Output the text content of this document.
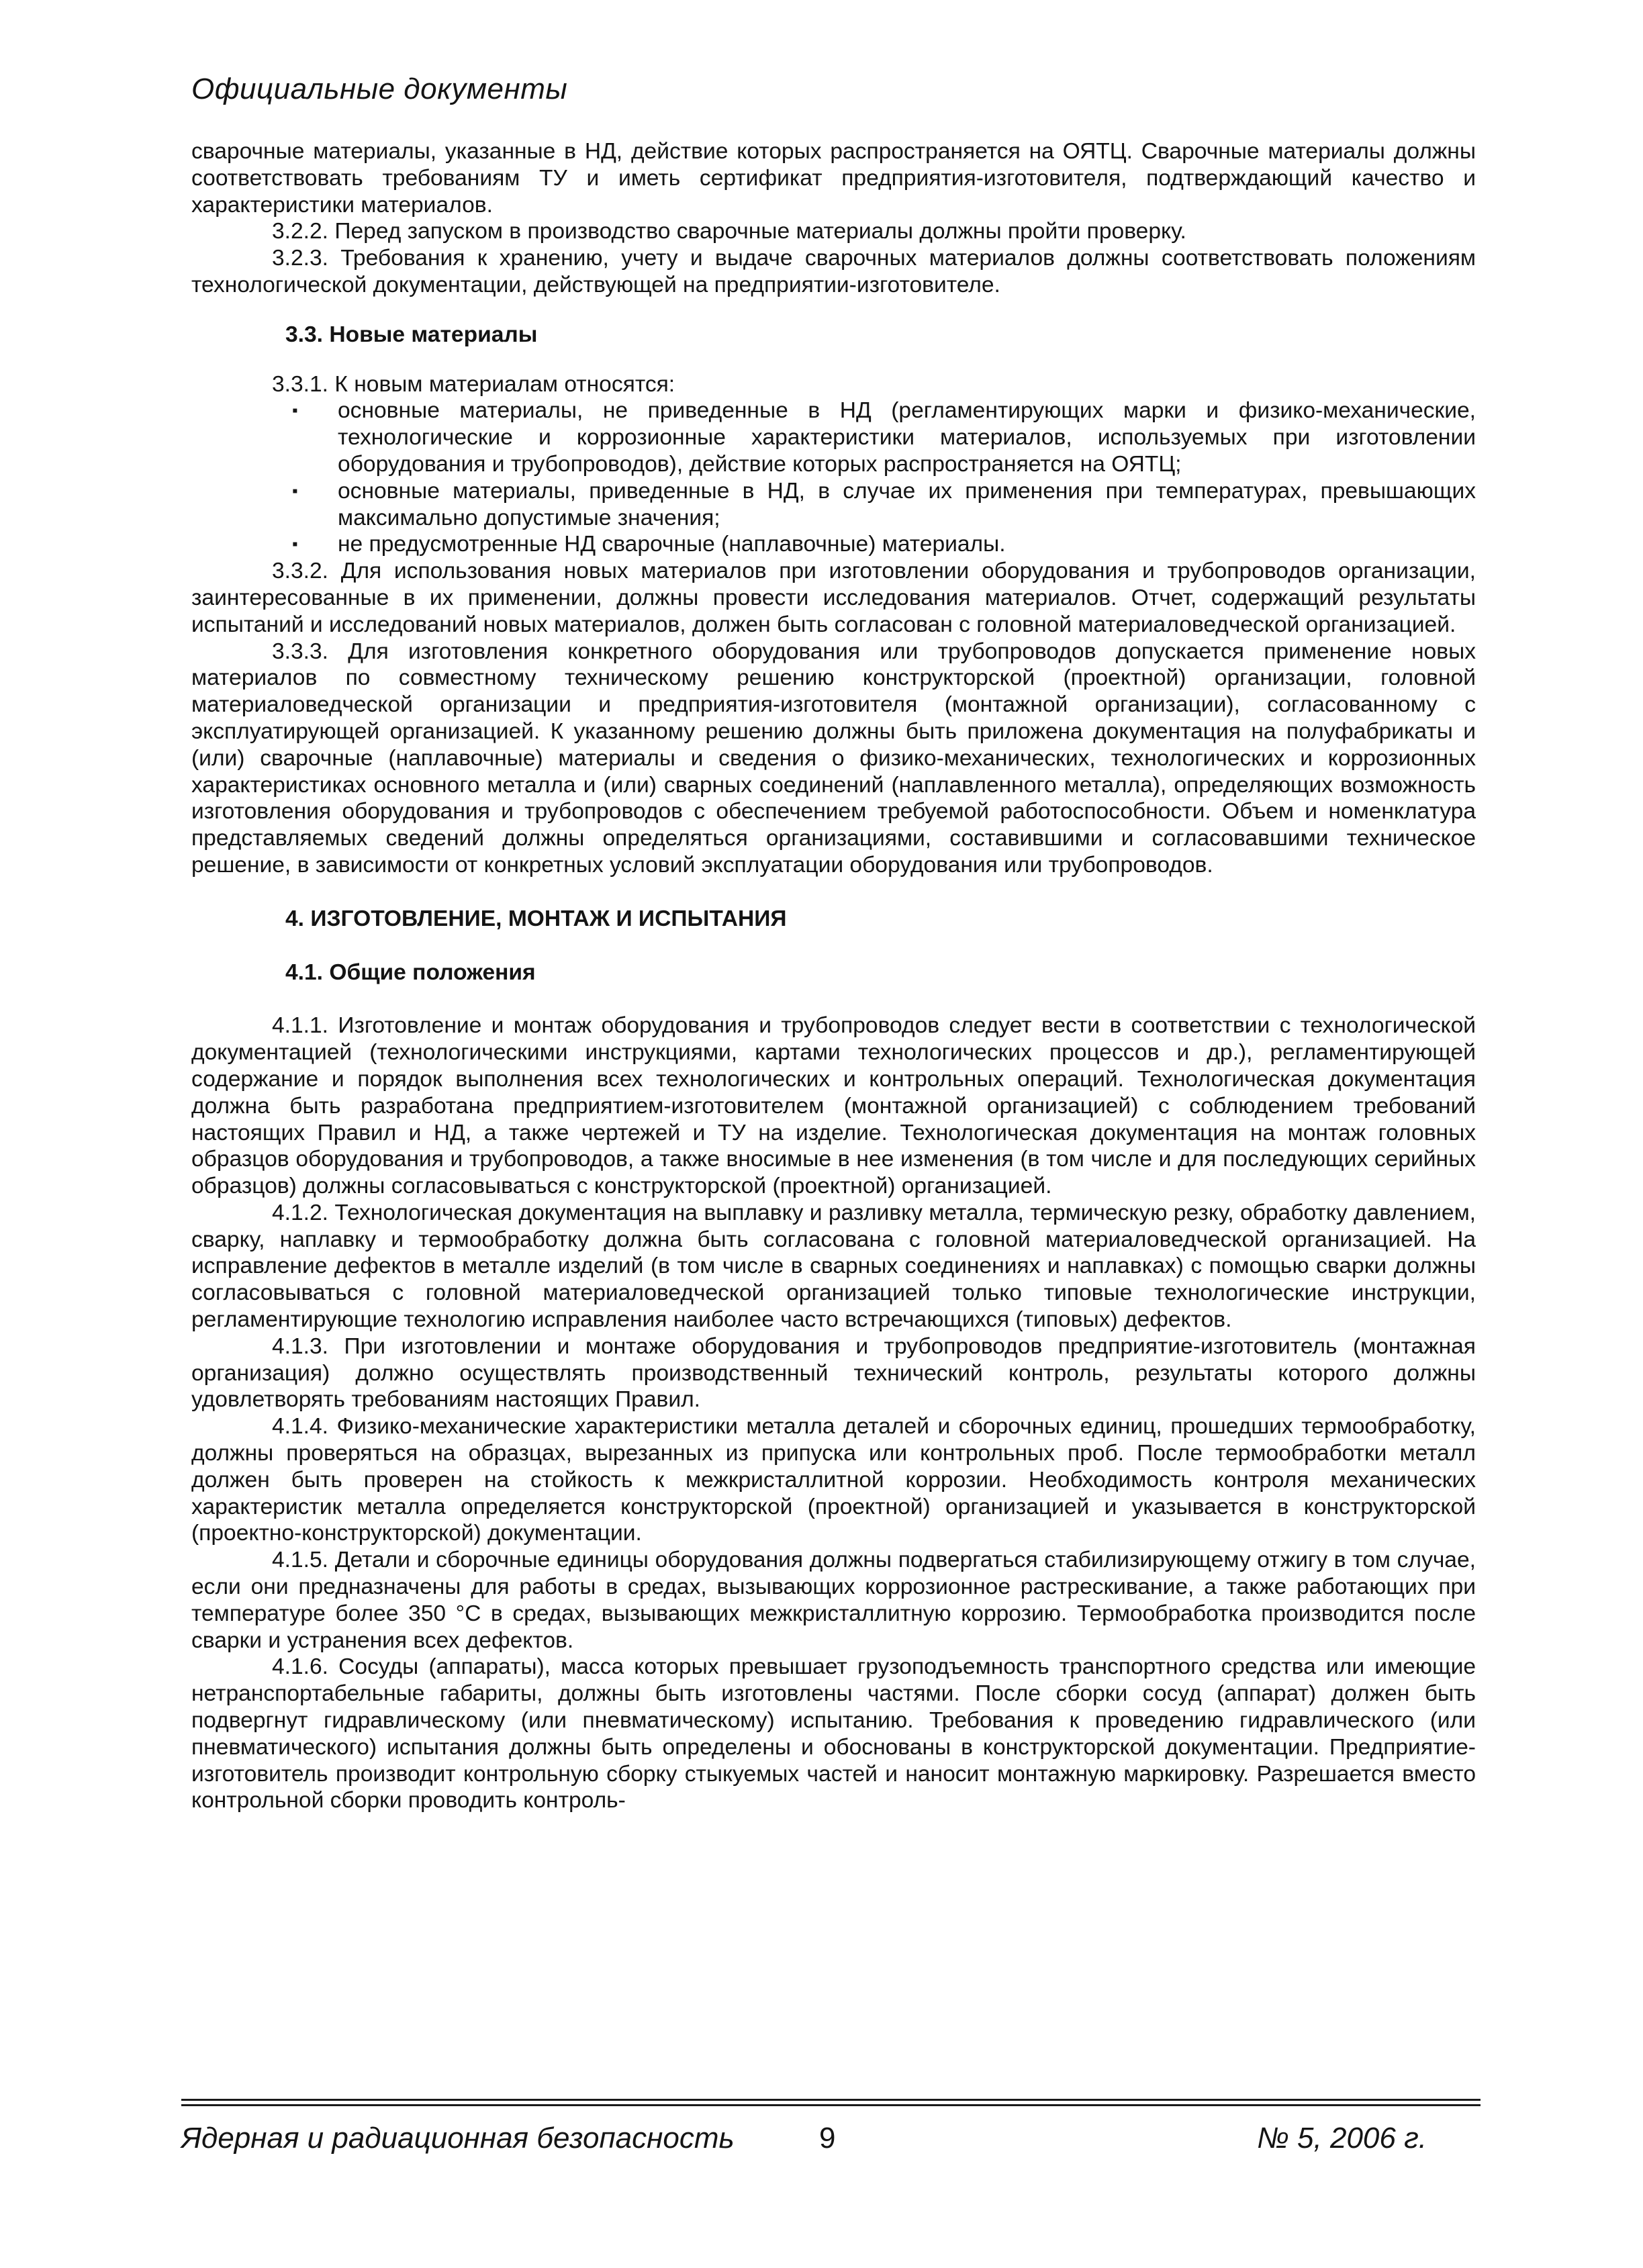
Официальные документы

сварочные материалы, указанные в НД, действие которых распространяется на ОЯТЦ. Сварочные материалы должны соответствовать требованиям ТУ и иметь сертификат предприятия-изготовителя, подтверждающий качество и характеристики материалов.

3.2.2. Перед запуском в производство сварочные материалы должны пройти проверку.

3.2.3. Требования к хранению, учету и выдаче сварочных материалов должны соответствовать положениям технологической документации, действующей на предприятии-изготовителе.

3.3. Новые материалы

3.3.1. К новым материалам относятся:

▪ основные материалы, не приведенные в НД (регламентирующих марки и физико-механические, технологические и коррозионные характеристики материалов, используемых при изготовлении оборудования и трубопроводов), действие которых распространяется на ОЯТЦ;
▪ основные материалы, приведенные в НД, в случае их применения при температурах, превышающих максимально допустимые значения;
▪ не предусмотренные НД сварочные (наплавочные) материалы.

3.3.2. Для использования новых материалов при изготовлении оборудования и трубопроводов организации, заинтересованные в их применении, должны провести исследования материалов. Отчет, содержащий результаты испытаний и исследований новых материалов, должен быть согласован с головной материаловедческой организацией.

3.3.3. Для изготовления конкретного оборудования или трубопроводов допускается применение новых материалов по совместному техническому решению конструкторской (проектной) организации, головной материаловедческой организации и предприятия-изготовителя (монтажной организации), согласованному с эксплуатирующей организацией. К указанному решению должны быть приложена документация на полуфабрикаты и (или) сварочные (наплавочные) материалы и сведения о физико-механических, технологических и коррозионных характеристиках основного металла и (или) сварных соединений (наплавленного металла), определяющих возможность изготовления оборудования и трубопроводов с обеспечением требуемой работоспособности. Объем и номенклатура представляемых сведений должны определяться организациями, составившими и согласовавшими техническое решение, в зависимости от конкретных условий эксплуатации оборудования или трубопроводов.

4. ИЗГОТОВЛЕНИЕ, МОНТАЖ И ИСПЫТАНИЯ

4.1. Общие положения

4.1.1. Изготовление и монтаж оборудования и трубопроводов следует вести в соответствии с технологической документацией (технологическими инструкциями, картами технологических процессов и др.), регламентирующей содержание и порядок выполнения всех технологических и контрольных операций. Технологическая документация должна быть разработана предприятием-изготовителем (монтажной организацией) с соблюдением требований настоящих Правил и НД, а также чертежей и ТУ на изделие. Технологическая документация на монтаж головных образцов оборудования и трубопроводов, а также вносимые в нее изменения (в том числе и для последующих серийных образцов) должны согласовываться с конструкторской (проектной) организацией.

4.1.2. Технологическая документация на выплавку и разливку металла, термическую резку, обработку давлением, сварку, наплавку и термообработку должна быть согласована с головной материаловедческой организацией. На исправление дефектов в металле изделий (в том числе в сварных соединениях и наплавках) с помощью сварки должны согласовываться с головной материаловедческой организацией только типовые технологические инструкции, регламентирующие технологию исправления наиболее часто встречающихся (типовых) дефектов.

4.1.3. При изготовлении и монтаже оборудования и трубопроводов предприятие-изготовитель (монтажная организация) должно осуществлять производственный технический контроль, результаты которого должны удовлетворять требованиям настоящих Правил.

4.1.4. Физико-механические характеристики металла деталей и сборочных единиц, прошедших термообработку, должны проверяться на образцах, вырезанных из припуска или контрольных проб. После термообработки металл должен быть проверен на стойкость к межкристаллитной коррозии. Необходимость контроля механических характеристик металла определяется конструкторской (проектной) организацией и указывается в конструкторской (проектно-конструкторской) документации.

4.1.5. Детали и сборочные единицы оборудования должны подвергаться стабилизирующему отжигу в том случае, если они предназначены для работы в средах, вызывающих коррозионное растрескивание, а также работающих при температуре более 350 °С в средах, вызывающих межкристаллитную коррозию. Термообработка производится после сварки и устранения всех дефектов.

4.1.6. Сосуды (аппараты), масса которых превышает грузоподъемность транспортного средства или имеющие нетранспортабельные габариты, должны быть изготовлены частями. После сборки сосуд (аппарат) должен быть подвергнут гидравлическому (или пневматическому) испытанию. Требования к проведению гидравлического (или пневматического) испытания должны быть определены и обоснованы в конструкторской документации. Предприятие-изготовитель производит контрольную сборку стыкуемых частей и наносит монтажную маркировку. Разрешается вместо контрольной сборки проводить контроль-

Ядерная и радиационная безопасность	9	№ 5, 2006 г.
